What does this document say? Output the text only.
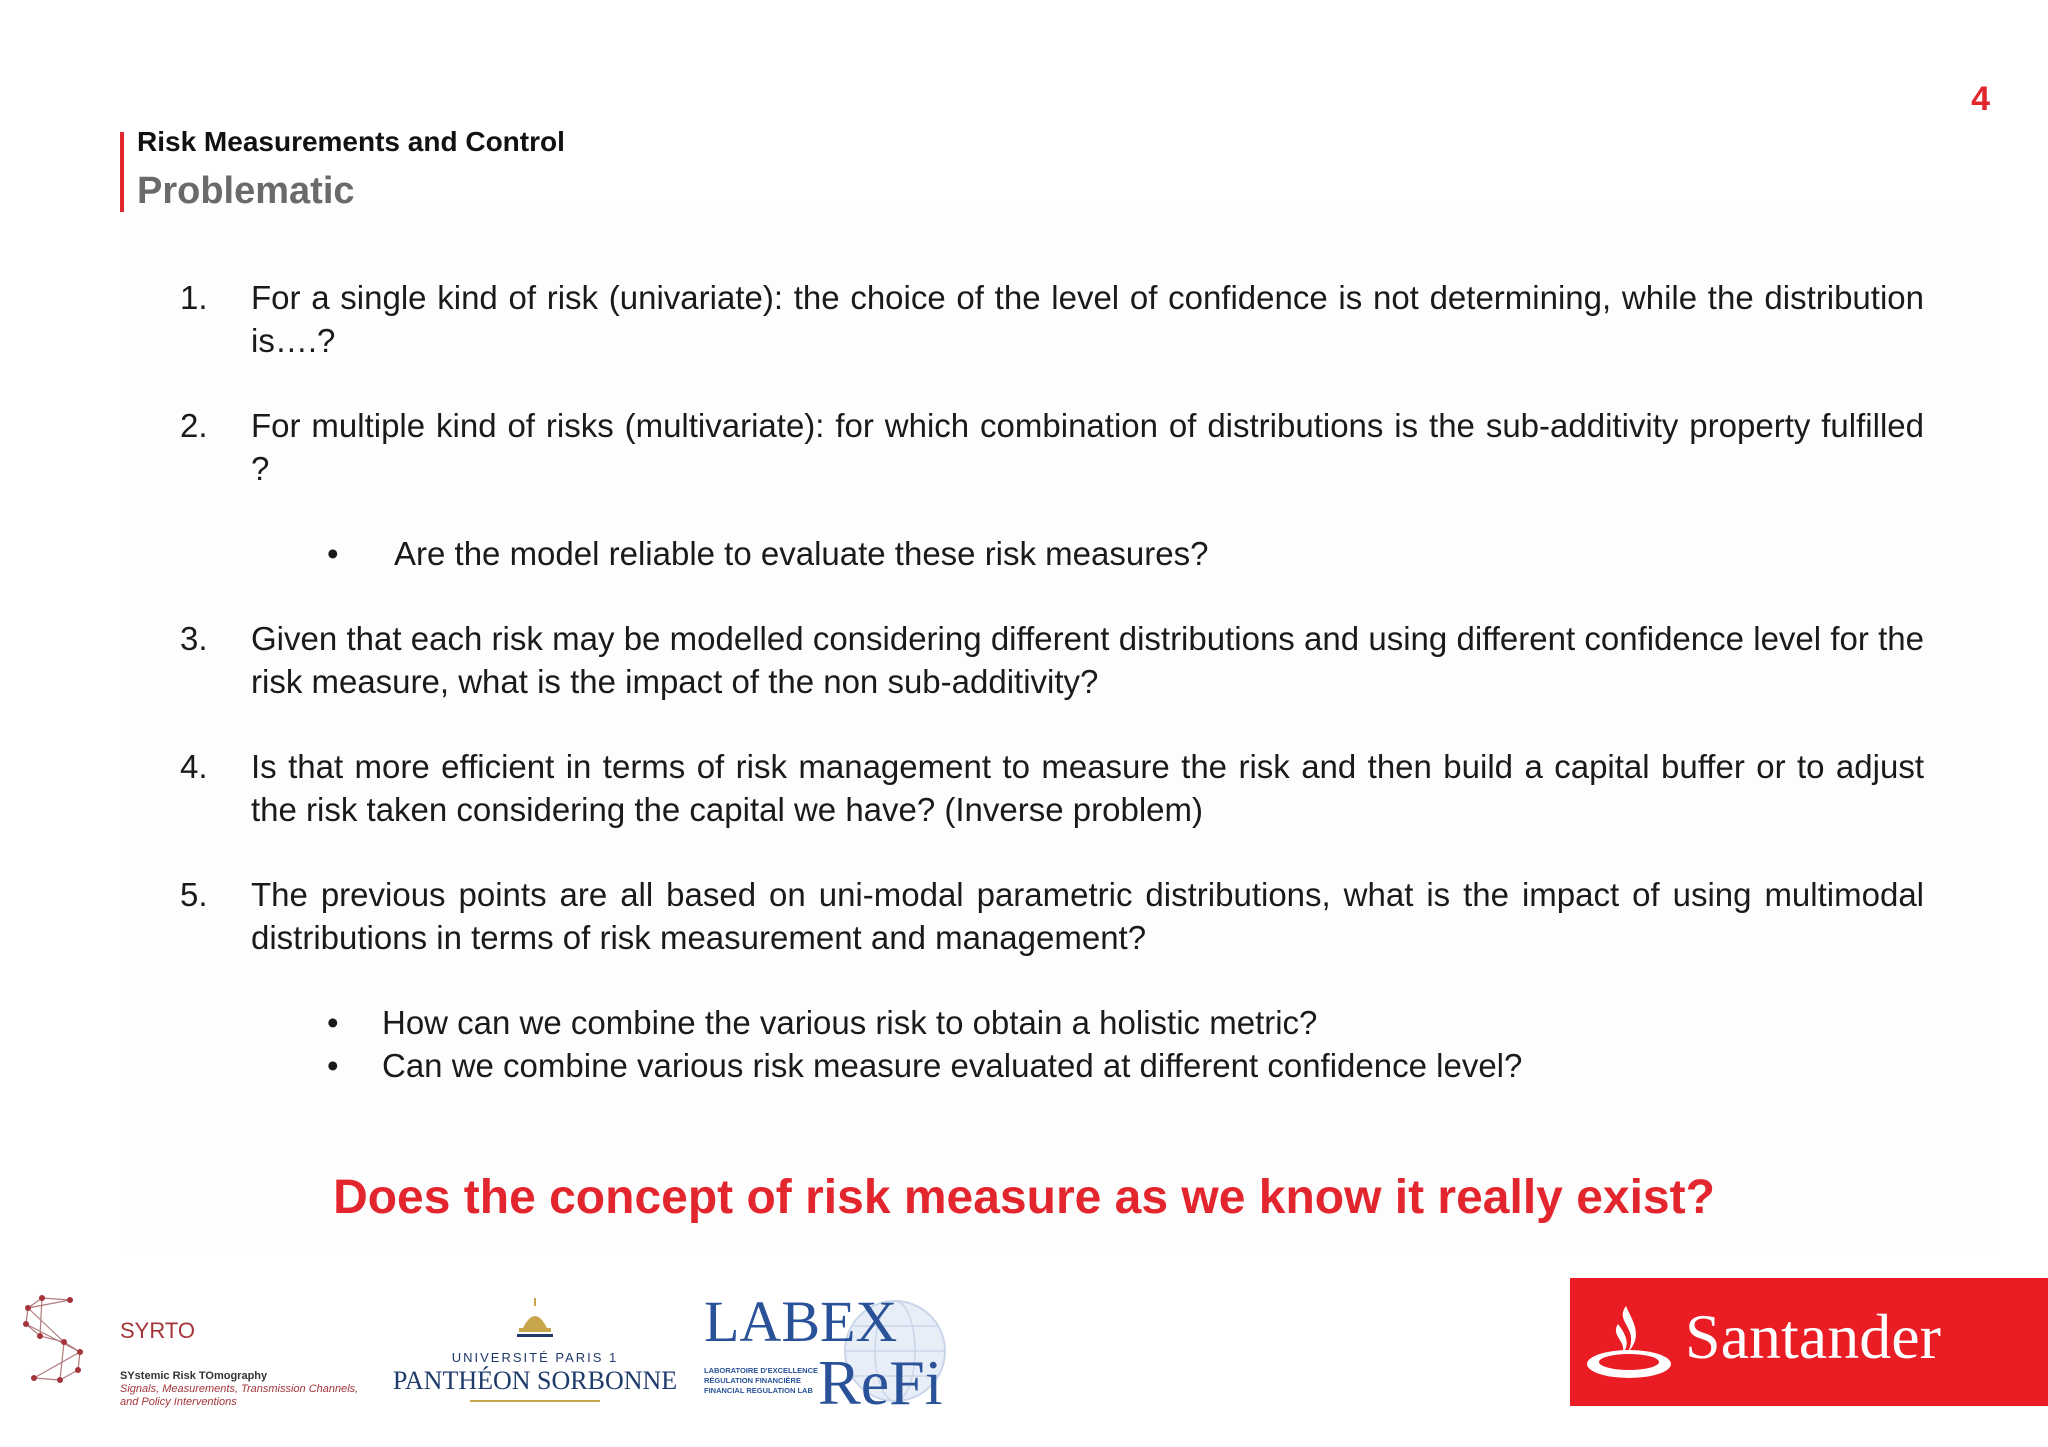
4
Risk Measurements and Control
Problematic
1.	For a single kind of risk (univariate): the choice of the level of confidence is not determining, while the distribution is….?
2.	For multiple kind of risks (multivariate): for which combination of distributions is the sub-additivity property fulfilled ?
•	Are the model reliable to evaluate these risk measures?
3.	Given that each risk may be modelled considering different distributions and using different confidence level for the risk measure, what is the impact of the non sub-additivity?
4.	Is that more efficient in terms of risk management to measure the risk and then build a capital buffer or to adjust the risk taken considering the capital we have? (Inverse problem)
5.	The previous points are all based on uni-modal parametric distributions, what is the impact of using multimodal distributions in terms of risk measurement and management?
•	How can we combine the various risk to obtain a holistic metric?
•	Can we combine various risk measure evaluated at different confidence level?
Does the concept of risk measure as we know it really exist?
SYRTO
SYstemic Risk TOmography
Signals, Measurements, Transmission Channels,
and Policy Interventions
UNIVERSITÉ PARIS 1
PANTHÉON SORBONNE
LABEX
LABORATOIRE D'EXCELLENCE
RÉGULATION FINANCIÈRE
FINANCIAL REGULATION LAB ReFi
Santander
